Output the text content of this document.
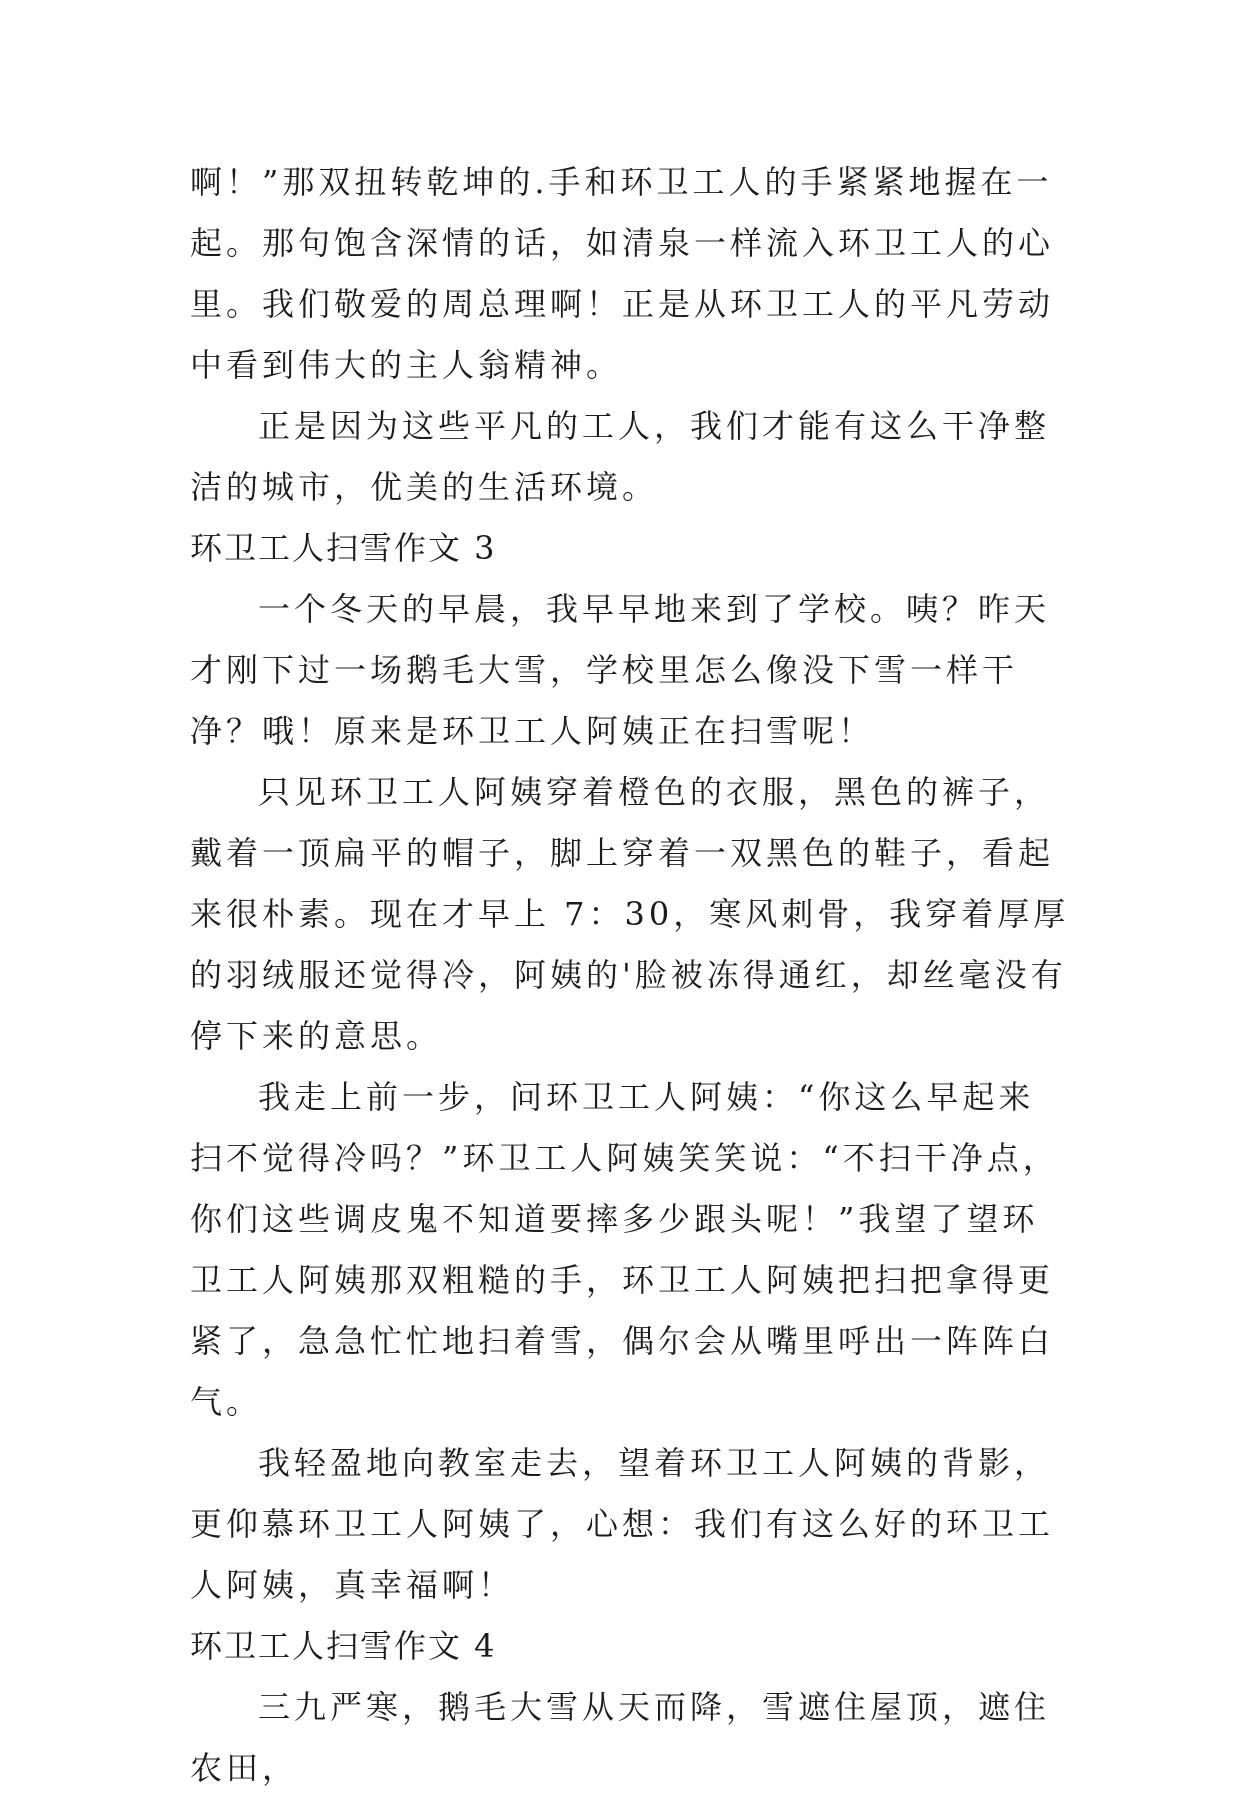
啊！”那双扭转乾坤的.手和环卫工人的手紧紧地握在一起。那句饱含深情的话，如清泉一样流入环卫工人的心里。我们敬爱的周总理啊！正是从环卫工人的平凡劳动中看到伟大的主人翁精神。

正是因为这些平凡的工人，我们才能有这么干净整洁的城市，优美的生活环境。

环卫工人扫雪作文 3

一个冬天的早晨，我早早地来到了学校。咦？昨天才刚下过一场鹅毛大雪，学校里怎么像没下雪一样干净？哦！原来是环卫工人阿姨正在扫雪呢！

只见环卫工人阿姨穿着橙色的衣服，黑色的裤子，戴着一顶扁平的帽子，脚上穿着一双黑色的鞋子，看起来很朴素。现在才早上 7：30，寒风刺骨，我穿着厚厚的羽绒服还觉得冷，阿姨的'脸被冻得通红，却丝毫没有停下来的意思。

我走上前一步，问环卫工人阿姨：“你这么早起来扫不觉得冷吗？”环卫工人阿姨笑笑说：“不扫干净点，你们这些调皮鬼不知道要摔多少跟头呢！”我望了望环卫工人阿姨那双粗糙的手，环卫工人阿姨把扫把拿得更紧了，急急忙忙地扫着雪，偶尔会从嘴里呼出一阵阵白气。

我轻盈地向教室走去，望着环卫工人阿姨的背影，更仰慕环卫工人阿姨了，心想：我们有这么好的环卫工人阿姨，真幸福啊！

环卫工人扫雪作文 4

三九严寒，鹅毛大雪从天而降，雪遮住屋顶，遮住农田，
